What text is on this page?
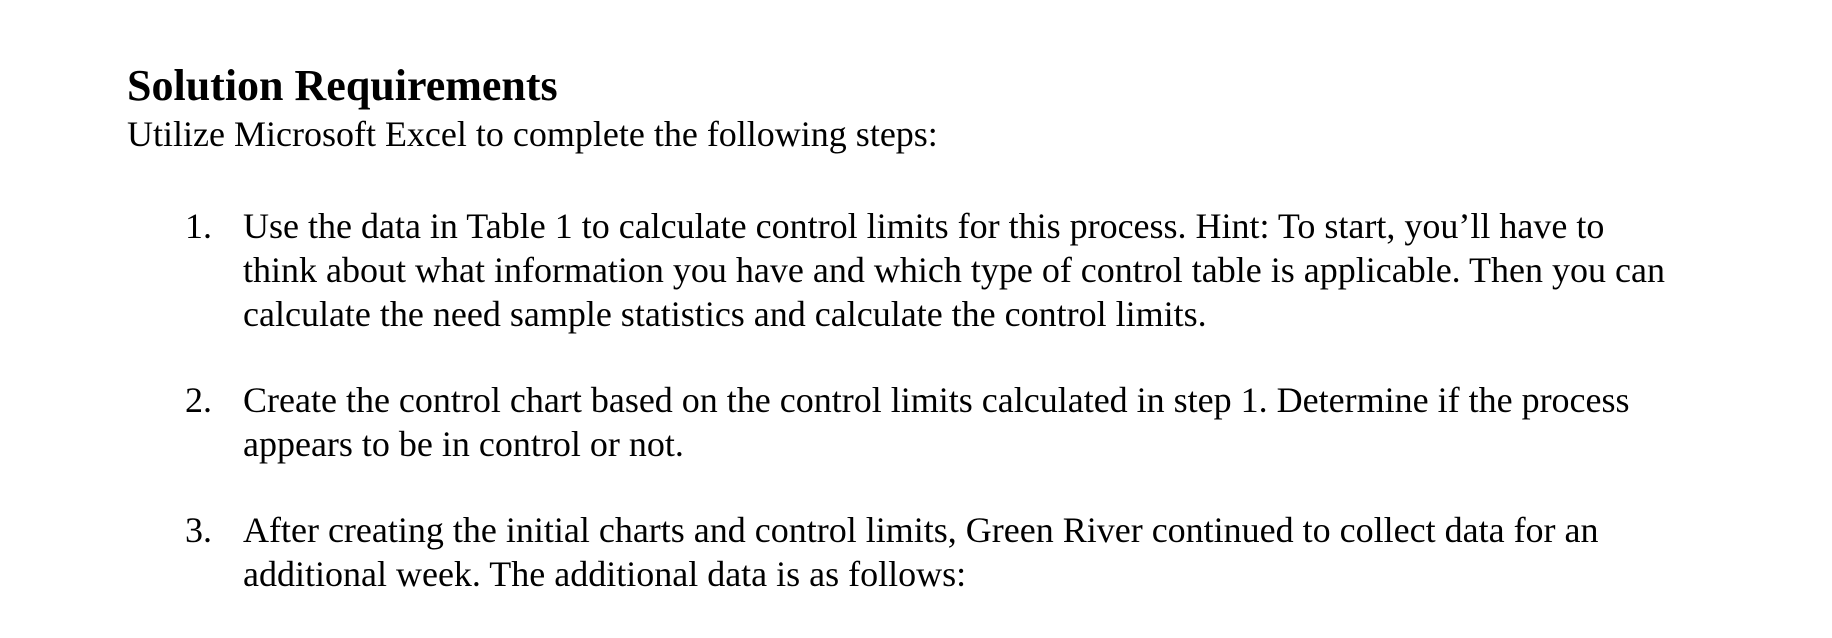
Solution Requirements

Utilize Microsoft Excel to complete the following steps:

1. Use the data in Table 1 to calculate control limits for this process. Hint: To start, you’ll have to think about what information you have and which type of control table is applicable. Then you can calculate the need sample statistics and calculate the control limits.
2. Create the control chart based on the control limits calculated in step 1. Determine if the process appears to be in control or not.
3. After creating the initial charts and control limits, Green River continued to collect data for an additional week. The additional data is as follows:
